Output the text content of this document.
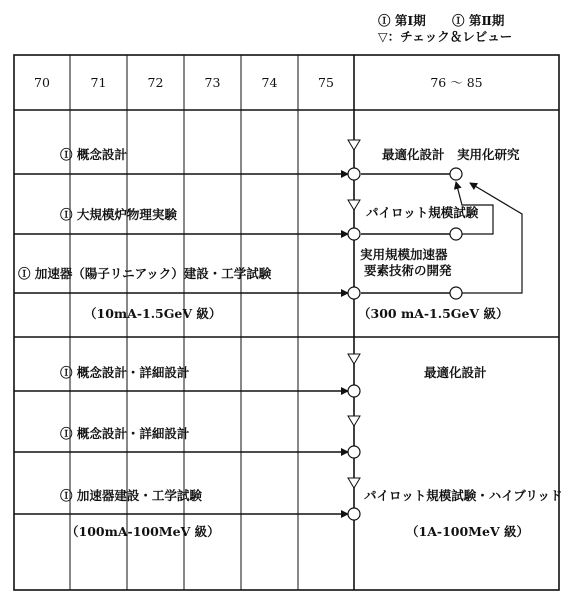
Ⓘ 第Ⅰ期 Ⓘ 第Ⅱ期
▽：チェック＆レビュー
70	71	72	73	74	75	76 ～ 85
Ⓘ 概念設計	最適化設計　実用化研究
Ⓘ 大規模炉物理実験	パイロット規模試験
Ⓘ 加速器（陽子リニアック）建設・工学試験
実用規模加速器
要素技術の開発
（10mA‐1.5GeV 級）	（300 mA‐1.5GeV 級）
Ⓘ 概念設計・詳細設計	最適化設計
Ⓘ 概念設計・詳細設計
Ⓘ 加速器建設・工学試験	パイロット規模試験・ハイブリッド
（100mA‐100MeV 級）	（1A‐100MeV 級）
